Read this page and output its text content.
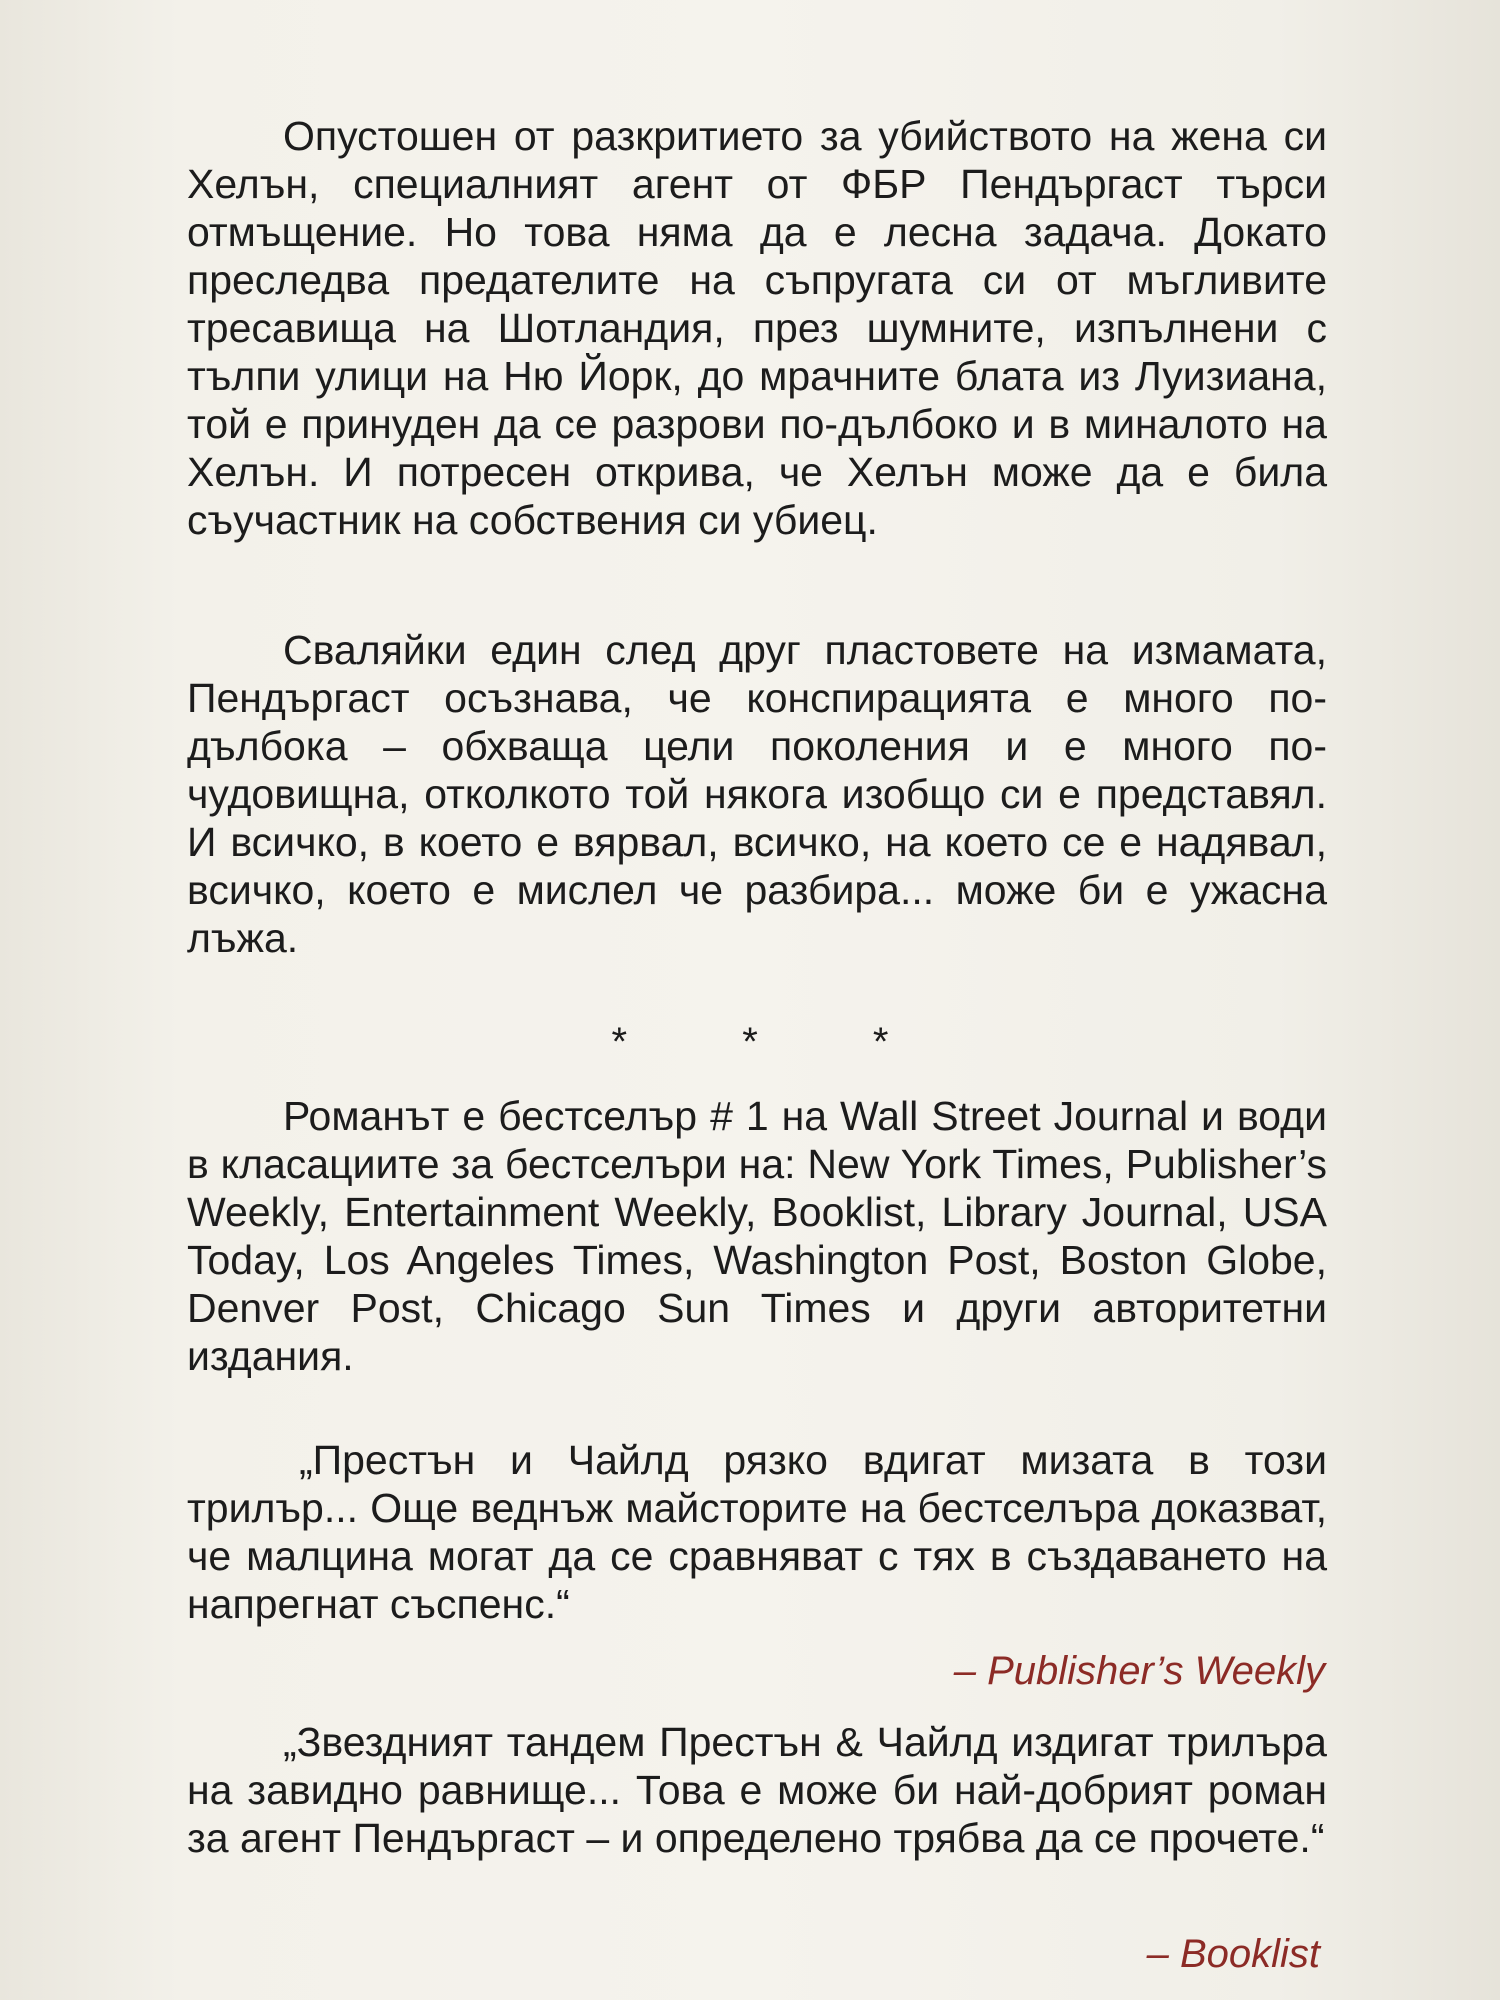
Опустошен от разкритието за убийството на жена си Хелън, специалният агент от ФБР Пендъргаст търси отмъщение. Но това няма да е лесна задача. Докато преследва предателите на съпругата си от мъгливите тресавища на Шотландия, през шумните, изпълнени с тълпи улици на Ню Йорк, до мрачните блата из Луизиана, той е принуден да се разрови по-дълбоко и в миналото на Хелън. И потресен открива, че Хелън може да е била съучастник на собствения си убиец.

Сваляйки един след друг пластовете на измамата, Пендъргаст осъзнава, че конспирацията е много по-дълбока – обхваща цели поколения и е много по-чудовищна, отколкото той някога изобщо си е представял. И всичко, в което е вярвал, всичко, на което се е надявал, всичко, което е мислел че разбира... може би е ужасна лъжа.

* * *

Романът е бестселър # 1 на Wall Street Journal и води в класациите за бестселъри на: New York Times, Publisher’s Weekly, Entertainment Weekly, Booklist, Library Journal, USA Today, Los Angeles Times, Washington Post, Boston Globe, Denver Post, Chicago Sun Times и други авторитетни издания.

„Престън и Чайлд рязко вдигат мизата в този трилър... Още веднъж майсторите на бестселъра доказват, че малцина могат да се сравняват с тях в създаването на напрегнат съспенс.“

– Publisher’s Weekly

„Звездният тандем Престън & Чайлд издигат трилъра на завидно равнище... Това е може би най-добрият роман за агент Пендъргаст – и определено трябва да се прочете.“

– Booklist
